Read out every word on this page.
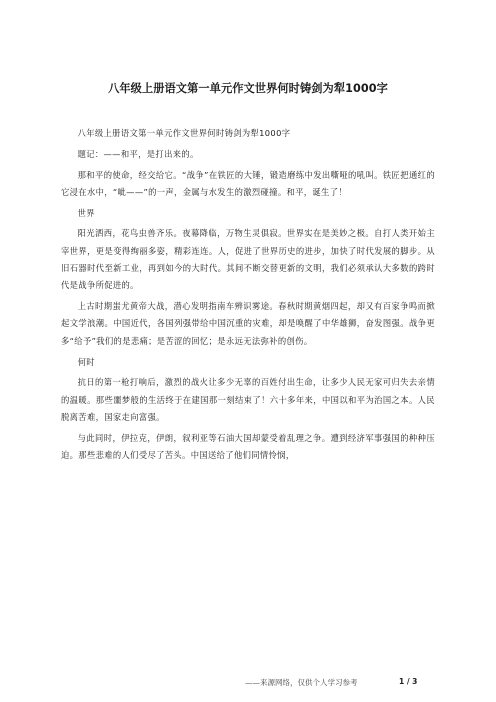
八年级上册语文第一单元作文世界何时铸剑为犁1000字

八年级上册语文第一单元作文世界何时铸剑为犁1000字

题记：——和平，是打出来的。

那和平的使命，经交给它。“战争”在铁匠的大锤，锻造磨练中发出嘶哑的吼叫。铁匠把通红的它浸在水中，“呲——”的一声，金属与水发生的激烈碰撞。和平，诞生了！

世界

阳光洒西，花鸟虫兽齐乐。夜幕降临，万物生灵俱寂。世界实在是美妙之极。自打人类开始主宰世界，更是变得绚丽多姿，精彩连连。人，促进了世界历史的进步，加快了时代发展的脚步。从旧石器时代至新工业，再到如今的大时代。其间不断交替更新的文明，我们必须承认大多数的跨时代是战争所促进的。

上古时期蚩尤黄帝大战，潜心发明指南车辨识雾途。春秋时期黄烟四起，却又有百家争鸣而掀起文学浪潮。中国近代，各国列强带给中国沉重的灾难，却是唤醒了中华雄狮，奋发图强。战争更多“给予”我们的是悲痛；是苦涩的回忆；是永远无法弥补的创伤。

何时

抗日的第一枪打响后，激烈的战火让多少无辜的百姓付出生命，让多少人民无家可归失去亲情的温暖。那些噩梦般的生活终于在建国那一刻结束了！六十多年来，中国以和平为治国之本。人民脱离苦难，国家走向富强。

与此同时，伊拉克，伊朗，叙利亚等石油大国却蒙受着乱理之争。遭到经济军事强国的种种压迫。那些悲难的人们受尽了苦头。中国送给了他们同情怜悯，

——来源网络，仅供个人学习参考	1 / 3
